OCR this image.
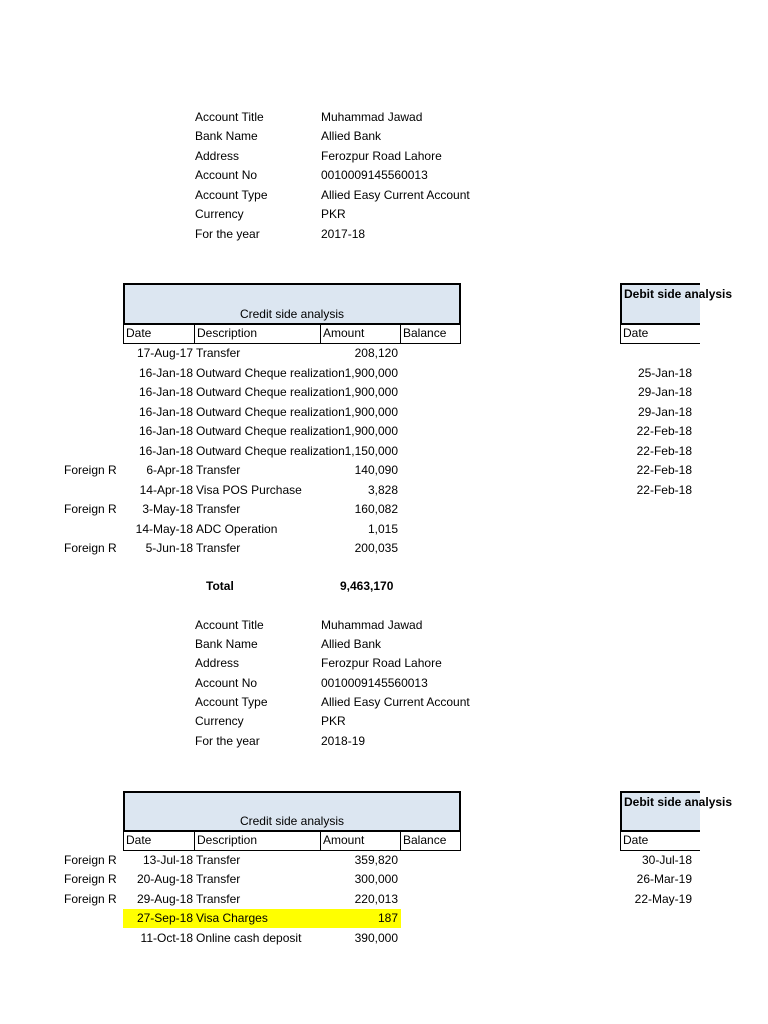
Account Title	Muhammad Jawad
Bank Name	Allied Bank
Address	Ferozpur Road Lahore
Account No	0010009145560013
Account Type	Allied Easy Current Account
Currency	PKR
For the year	2017-18
Credit side analysis
Date	Description	Amount	Balance
17-Aug-17 Transfer	208,120
16-Jan-18 Outward Cheque realization 1,900,000
16-Jan-18 Outward Cheque realization 1,900,000
16-Jan-18 Outward Cheque realization 1,900,000
16-Jan-18 Outward Cheque realization 1,900,000
16-Jan-18 Outward Cheque realization 1,150,000
Foreign R	6-Apr-18 Transfer	140,090
14-Apr-18 Visa POS Purchase	3,828
Foreign R	3-May-18 Transfer	160,082
14-May-18 ADC Operation	1,015
Foreign R	5-Jun-18 Transfer	200,035
Total	9,463,170
Debit side analysis
Date
25-Jan-18
29-Jan-18
29-Jan-18
22-Feb-18
22-Feb-18
22-Feb-18
22-Feb-18
Account Title	Muhammad Jawad
Bank Name	Allied Bank
Address	Ferozpur Road Lahore
Account No	0010009145560013
Account Type	Allied Easy Current Account
Currency	PKR
For the year	2018-19
Credit side analysis
Date	Description	Amount	Balance
Foreign R	13-Jul-18 Transfer	359,820
Foreign R	20-Aug-18 Transfer	300,000
Foreign R	29-Aug-18 Transfer	220,013
27-Sep-18 Visa Charges	187
11-Oct-18 Online cash deposit	390,000
Debit side analysis
Date
30-Jul-18
26-Mar-19
22-May-19
